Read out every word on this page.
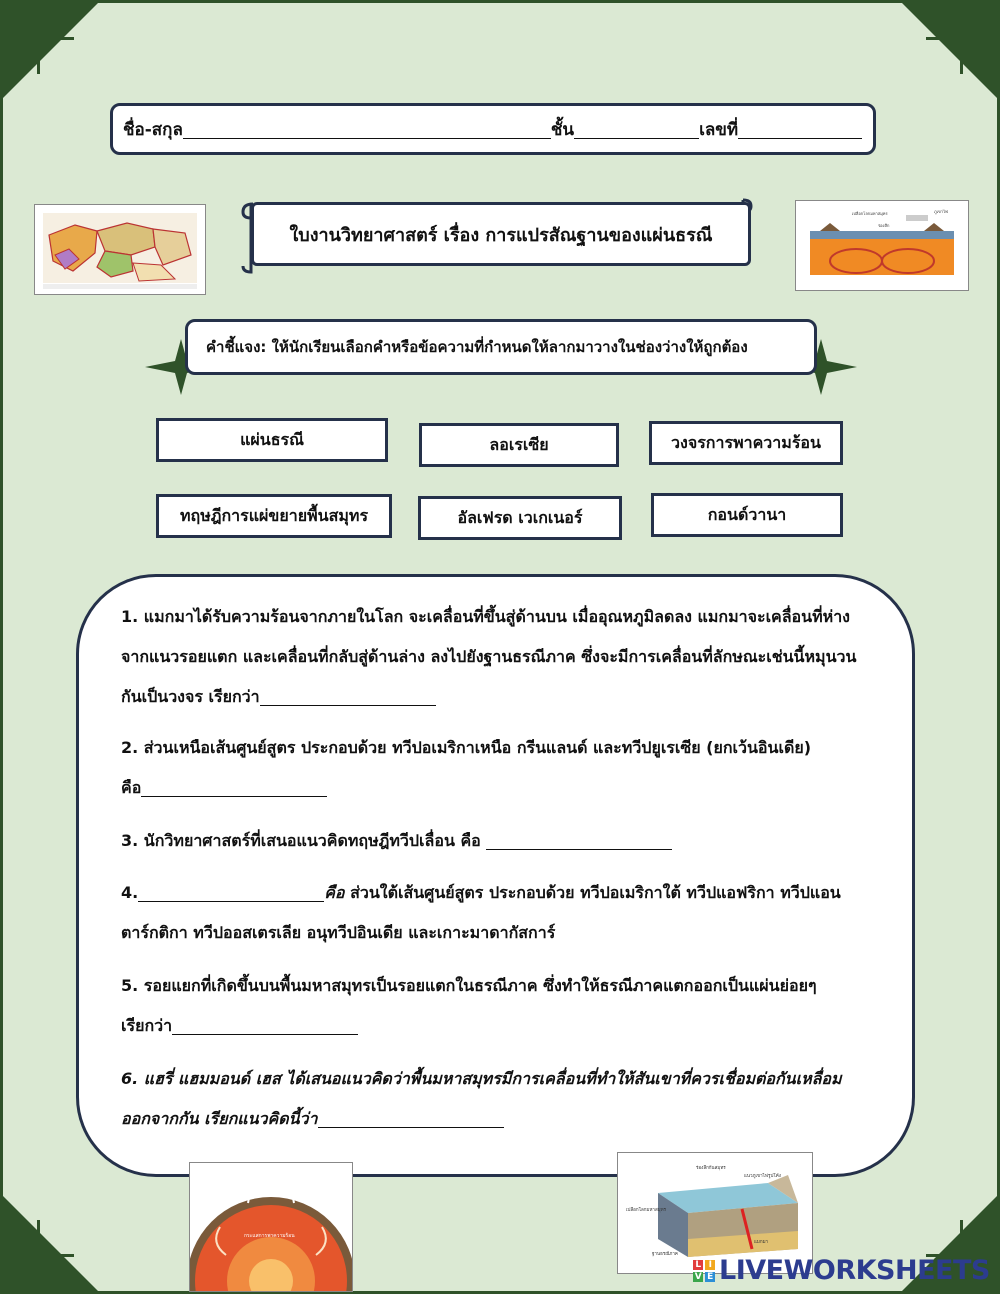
ชื่อ-สกุล	ชั้น	เลขที่
ใบงานวิทยาศาสตร์ เรื่อง การแปรสัณฐานของแผ่นธรณี
เปลือกโลกมหาสมุทร
ร่องลึก
ภูเขาไฟ
คำชี้แจง: ให้นักเรียนเลือกคำหรือข้อความที่กำหนดให้ลากมาวางในช่องว่างให้ถูกต้อง
แผ่นธรณี	ลอเรเซีย	วงจรการพาความร้อน
ทฤษฎีการแผ่ขยายพื้นสมุทร	อัลเฟรด เวเกเนอร์	กอนด์วานา
1. แมกมาได้รับความร้อนจากภายในโลก จะเคลื่อนที่ขึ้นสู่ด้านบน เมื่ออุณหภูมิลดลง แมกมาจะเคลื่อนที่ห่าง
จากแนวรอยแตก และเคลื่อนที่กลับสู่ด้านล่าง ลงไปยังฐานธรณีภาค ซึ่งจะมีการเคลื่อนที่ลักษณะเช่นนี้หมุนวน
กันเป็นวงจร เรียกว่า
2. ส่วนเหนือเส้นศูนย์สูตร ประกอบด้วย ทวีปอเมริกาเหนือ กรีนแลนด์ และทวีปยูเรเซีย (ยกเว้นอินเดีย)
คือ
3. นักวิทยาศาสตร์ที่เสนอแนวคิดทฤษฎีทวีปเลื่อน คือ
4.	คือ ส่วนใต้เส้นศูนย์สูตร ประกอบด้วย ทวีปอเมริกาใต้ ทวีปแอฟริกา ทวีปแอน
ตาร์กติกา ทวีปออสเตรเลีย อนุทวีปอินเดีย และเกาะมาดากัสการ์
5. รอยแยกที่เกิดขึ้นบนพื้นมหาสมุทรเป็นรอยแตกในธรณีภาค ซึ่งทำให้ธรณีภาคแตกออกเป็นแผ่นย่อยๆ
เรียกว่า
6. แฮรี่ แฮมมอนด์ เฮส ได้เสนอแนวคิดว่าพื้นมหาสมุทรมีการเคลื่อนที่ทำให้สันเขาที่ควรเชื่อมต่อกันเหลื่อม
ออกจากกัน เรียกแนวคิดนี้ว่า
กระแสการพาความร้อน
ร่องลึกก้นสมุทร
แนวภูเขาไฟรูปโค้ง
เปลือกโลกมหาสมุทร
ฐานธรณีภาค
แมกมา
L I
V E LIVEWORKSHEETS
